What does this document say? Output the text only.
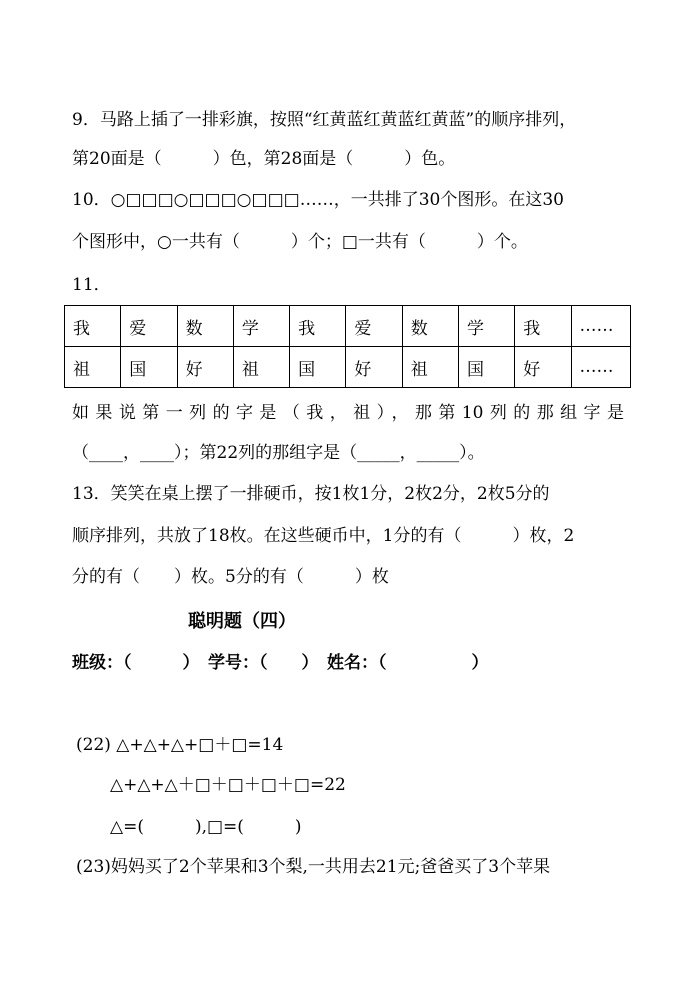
9．马路上插了一排彩旗，按照“红黄蓝红黄蓝红黄蓝”的顺序排列，
第20面是（　　　）色，第28面是（　　　）色。
10．○□□□○□□□○□□□……，一共排了30个图形。在这30
个图形中，○一共有（　　　）个；□一共有（　　　）个。
11．
我	爱	数	学	我	爱	数	学	我	……
祖	国	好	祖	国	好	祖	国	好	……
如果说第一列的字是（我，祖），那第10列的那组字是
（____，____）；第22列的那组字是（_____，_____）。
13．笑笑在桌上摆了一排硬币，按1枚1分，2枚2分，2枚5分的
顺序排列，共放了18枚。在这些硬币中，1分的有（　　　）枚，2
分的有（　　）枚。5分的有（　　　）枚
聪明题（四）
班级：（　　　）　学号：（　　）　姓名：（　　　　　）
(22) △+△+△+□＋□=14
△+△+△＋□＋□＋□＋□=22
△=(　　　),□=(　　　)
(23)妈妈买了2个苹果和3个梨,一共用去21元;爸爸买了3个苹果
